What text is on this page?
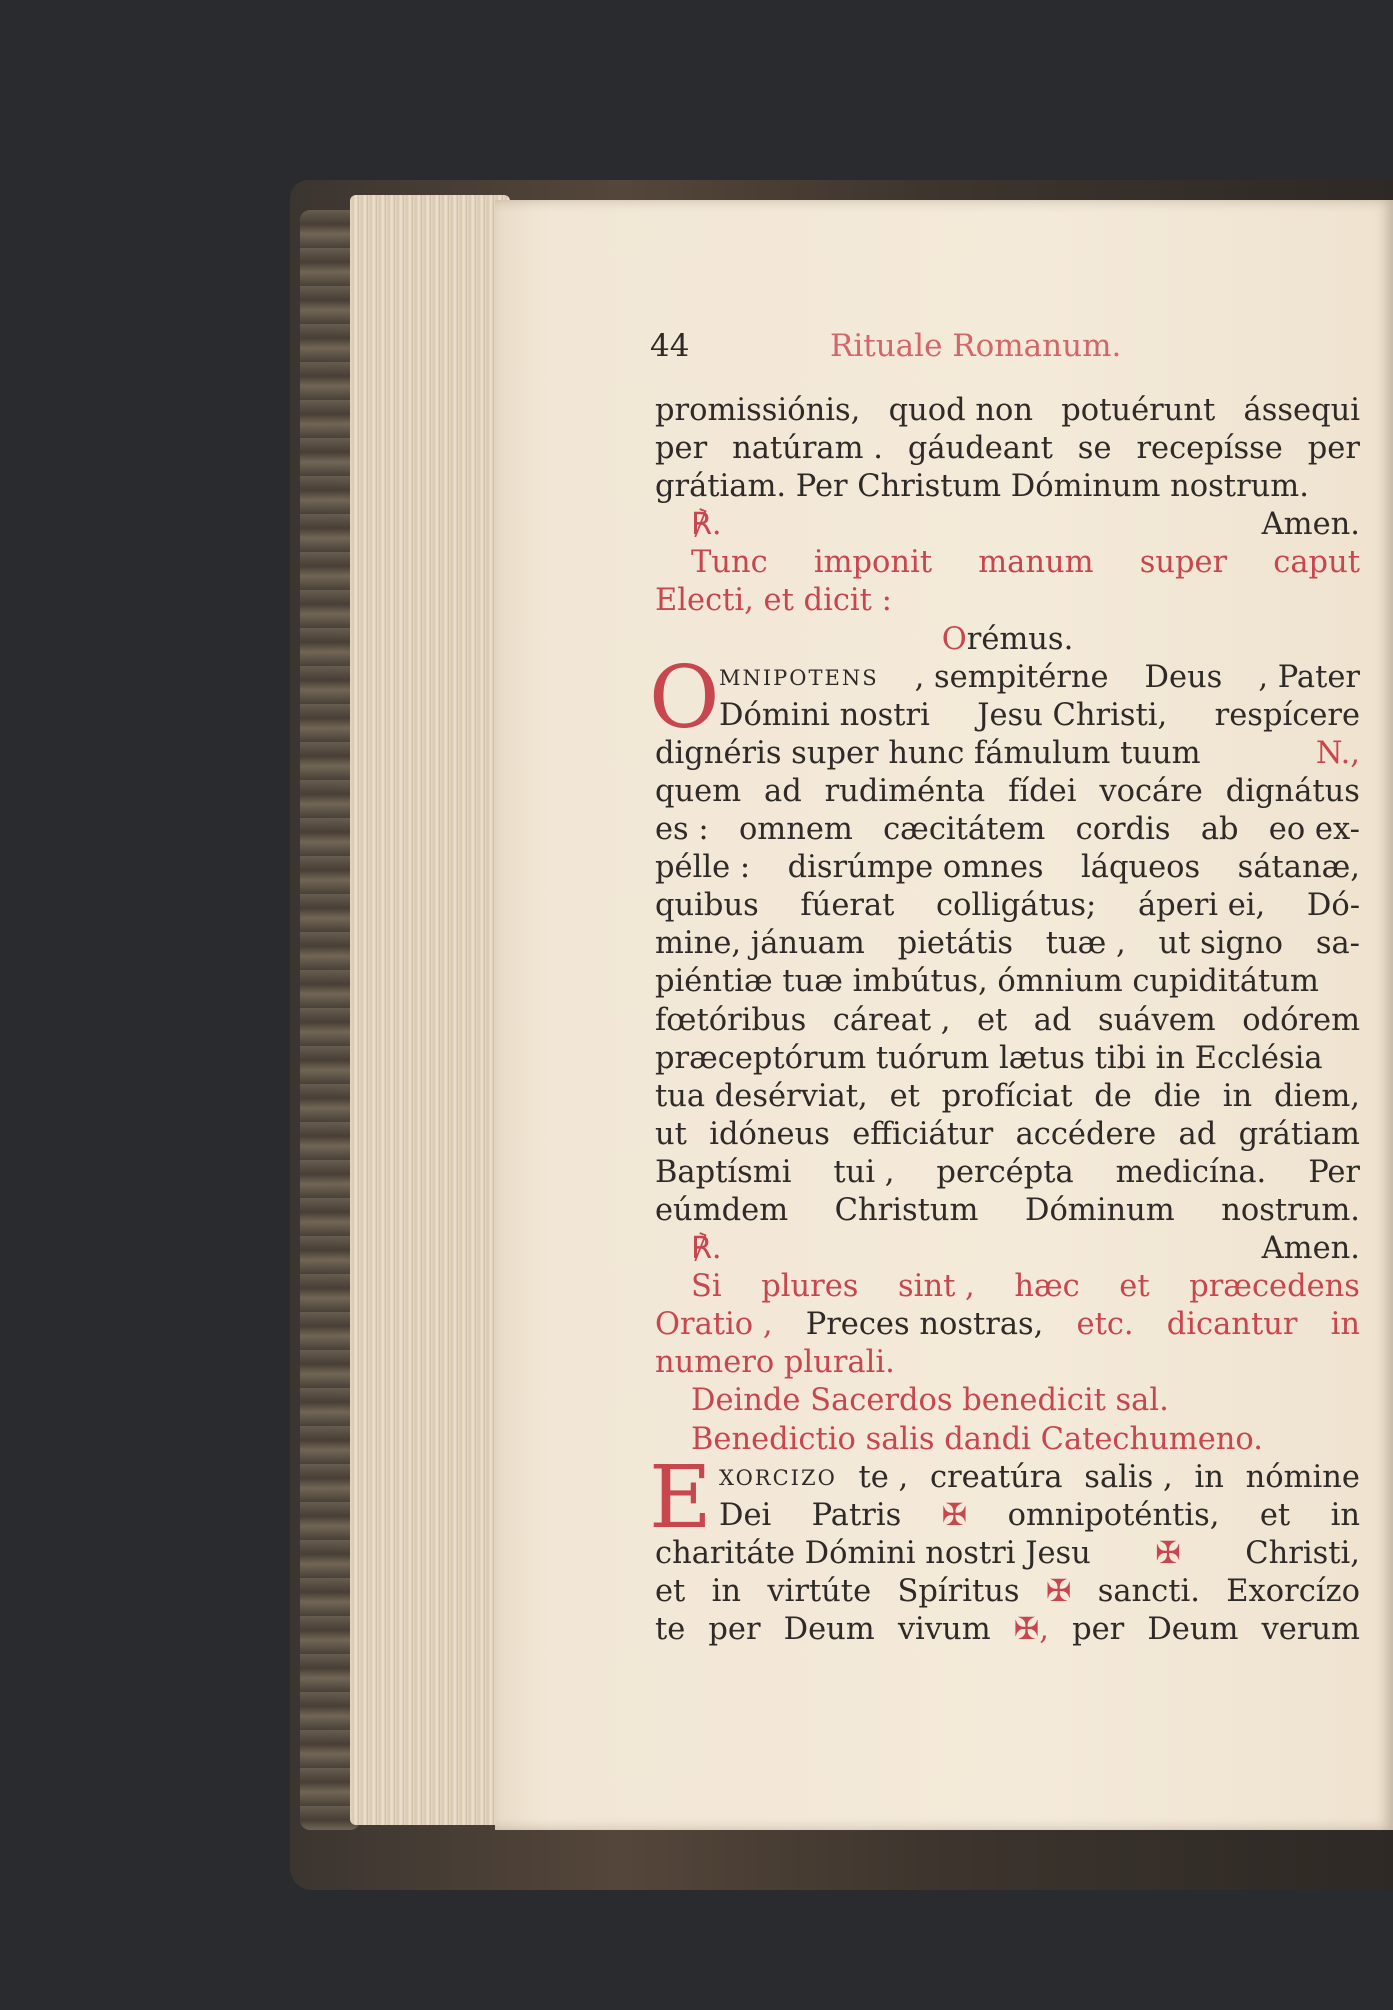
44	Rituale Romanum.
promissiónis, quod non potuérunt ássequi
per natúram . gáudeant se recepísse per
grátiam. Per Christum Dóminum nostrum.
℟.	Amen.
Tunc imponit manum super caput
Electi, et dicit :
Orémus.
O MNIPOTENS , sempitérne Deus , Pater
Dómini nostri Jesu Christi, respícere
dignéris super hunc fámulum tuum	N.,
quem ad rudiménta fídei vocáre dignátus
es : omnem cæcitátem cordis ab eo ex-
pélle : disrúmpe omnes láqueos sátanæ,
quibus fúerat colligátus; áperi ei, Dó-
mine, jánuam pietátis tuæ , ut signo sa-
piéntiæ tuæ imbútus, ómnium cupiditátum
fœtóribus cáreat , et ad suávem odórem
præceptórum tuórum lætus tibi in Ecclésia
tua desérviat, et profíciat de die in diem,
ut idóneus efficiátur accédere ad grátiam
Baptísmi tui , percépta medicína. Per
eúmdem Christum Dóminum nostrum.
℟.	Amen.
Si plures sint , hæc et præcedens
Oratio , Preces nostras, etc. dicantur in
numero plurali.
Deinde Sacerdos benedicit sal.
Benedictio salis dandi Catechumeno.
E XORCIZO te , creatúra salis , in nómine
Dei Patris ✠ omnipoténtis, et in
charitáte Dómini nostri Jesu ✠ Christi,
et in virtúte Spíritus ✠ sancti. Exorcízo
te per Deum vivum ✠, per Deum verum
